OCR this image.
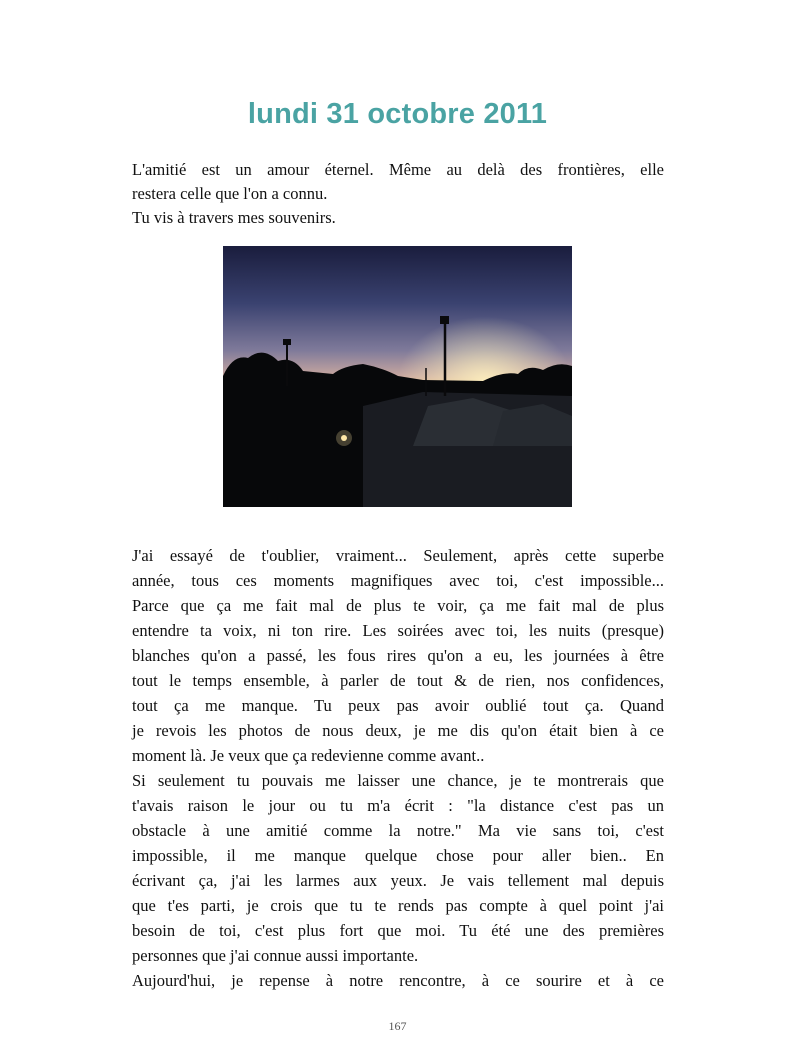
lundi 31 octobre 2011
L'amitié est un amour éternel. Même au delà des frontières, elle
restera celle que l'on a connu.
Tu vis à travers mes souvenirs.
J'ai essayé de t'oublier, vraiment... Seulement, après cette superbe
année, tous ces moments magnifiques avec toi, c'est impossible...
Parce que ça me fait mal de plus te voir, ça me fait mal de plus
entendre ta voix, ni ton rire. Les soirées avec toi, les nuits (presque)
blanches qu'on a passé, les fous rires qu'on a eu, les journées à être
tout le temps ensemble, à parler de tout & de rien, nos confidences,
tout ça me manque. Tu peux pas avoir oublié tout ça. Quand
je revois les photos de nous deux, je me dis qu'on était bien à ce
moment là. Je veux que ça redevienne comme avant..
Si seulement tu pouvais me laisser une chance, je te montrerais que
t'avais raison le jour ou tu m'a écrit : "la distance c'est pas un
obstacle à une amitié comme la notre." Ma vie sans toi, c'est
impossible, il me manque quelque chose pour aller bien.. En
écrivant ça, j'ai les larmes aux yeux. Je vais tellement mal depuis
que t'es parti, je crois que tu te rends pas compte à quel point j'ai
besoin de toi, c'est plus fort que moi. Tu été une des premières
personnes que j'ai connue aussi importante.
Aujourd'hui, je repense à notre rencontre, à ce sourire et à ce
167
